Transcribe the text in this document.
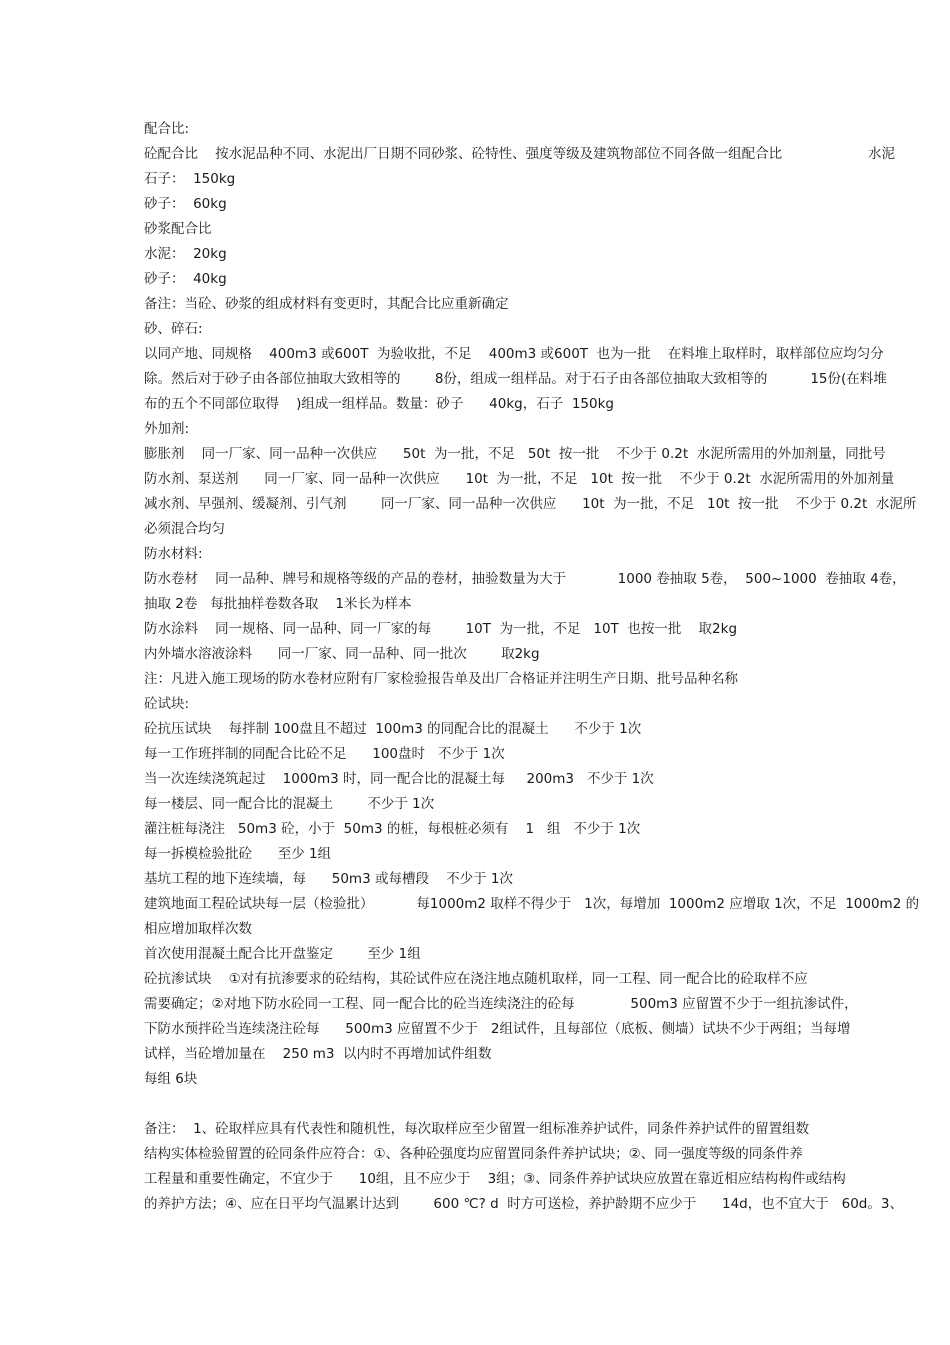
配合比:
砼配合比    按水泥品种不同、水泥出厂日期不同砂浆、砼特性、强度等级及建筑物部位不同各做一组配合比                    水泥
石子：  150kg
砂子：  60kg
砂浆配合比
水泥：  20kg
砂子：  40kg
备注：当砼、砂浆的组成材料有变更时，其配合比应重新确定
砂、碎石:
以同产地、同规格    400m3 或600T  为验收批，不足    400m3 或600T  也为一批    在料堆上取样时，取样部位应均匀分
除。然后对于砂子由各部位抽取大致相等的        8份，组成一组样品。对于石子由各部位抽取大致相等的          15份(在料堆
布的五个不同部位取得    )组成一组样品。数量：砂子      40kg，石子  150kg
外加剂:
膨胀剂    同一厂家、同一品种一次供应      50t  为一批，不足   50t  按一批    不少于 0.2t  水泥所需用的外加剂量，同批号
防水剂、泵送剂      同一厂家、同一品种一次供应      10t  为一批，不足   10t  按一批    不少于 0.2t  水泥所需用的外加剂量
减水剂、早强剂、缓凝剂、引气剂        同一厂家、同一品种一次供应      10t  为一批，不足   10t  按一批    不少于 0.2t  水泥所
必须混合均匀
防水材料:
防水卷材    同一品种、牌号和规格等级的产品的卷材，抽验数量为大于            1000 卷抽取 5卷，  500~1000  卷抽取 4卷，
抽取 2卷   每批抽样卷数各取    1米长为样本
防水涂料    同一规格、同一品种、同一厂家的每        10T  为一批，不足   10T  也按一批    取2kg
内外墙水溶液涂料      同一厂家、同一品种、同一批次        取2kg
注：凡进入施工现场的防水卷材应附有厂家检验报告单及出厂合格证并注明生产日期、批号品种名称
砼试块:
砼抗压试块    每拌制 100盘且不超过  100m3 的同配合比的混凝土      不少于 1次
每一工作班拌制的同配合比砼不足      100盘时   不少于 1次
当一次连续浇筑起过    1000m3 时，同一配合比的混凝土每     200m3   不少于 1次
每一楼层、同一配合比的混凝土        不少于 1次
灌注桩每浇注   50m3 砼，小于  50m3 的桩，每根桩必须有    1   组   不少于 1次
每一拆模检验批砼      至少 1组
基坑工程的地下连续墙，每      50m3 或每槽段    不少于 1次
建筑地面工程砼试块每一层（检验批）          每1000m2 取样不得少于   1次，每增加  1000m2 应增取 1次，不足  1000m2 的
相应增加取样次数
首次使用混凝土配合比开盘鉴定        至少 1组
砼抗渗试块    ①对有抗渗要求的砼结构，其砼试件应在浇注地点随机取样，同一工程、同一配合比的砼取样不应
需要确定；②对地下防水砼同一工程、同一配合比的砼当连续浇注的砼每             500m3 应留置不少于一组抗渗试件，
下防水预拌砼当连续浇注砼每      500m3 应留置不少于   2组试件，且每部位（底板、侧墙）试块不少于两组；当每增
试样，当砼增加量在    250 m3  以内时不再增加试件组数
每组 6块
备注：  1、砼取样应具有代表性和随机性，每次取样应至少留置一组标准养护试件，同条件养护试件的留置组数
结构实体检验留置的砼同条件应符合：①、各种砼强度均应留置同条件养护试块；②、同一强度等级的同条件养
工程量和重要性确定，不宜少于      10组，且不应少于    3组；③、同条件养护试块应放置在靠近相应结构构件或结构
的养护方法；④、应在日平均气温累计达到        600 ℃? d  时方可送检，养护龄期不应少于      14d，也不宜大于   60d。3、
